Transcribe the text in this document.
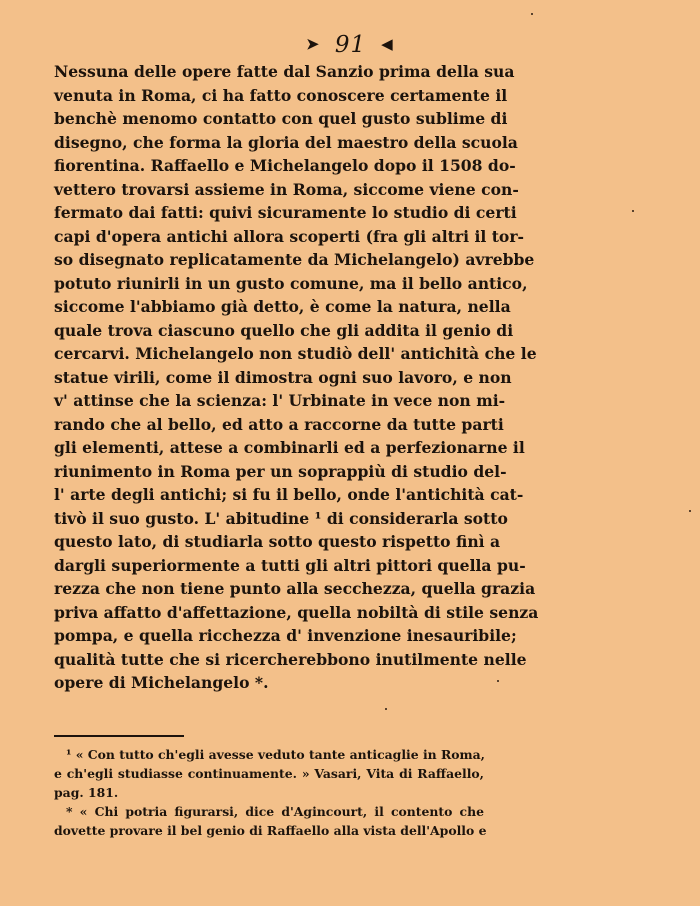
➤ 91 ◀
Nessuna delle opere fatte dal Sanzio prima della sua
venuta in Roma, ci ha fatto conoscere certamente il
benchè menomo contatto con quel gusto sublime di
disegno, che forma la gloria del maestro della scuola
fiorentina. Raffaello e Michelangelo dopo il 1508 do-
vettero trovarsi assieme in Roma, siccome viene con-
fermato dai fatti: quivi sicuramente lo studio di certi
capi d'opera antichi allora scoperti (fra gli altri il tor-
so disegnato replicatamente da Michelangelo) avrebbe
potuto riunirli in un gusto comune, ma il bello antico,
siccome l'abbiamo già detto, è come la natura, nella
quale trova ciascuno quello che gli addita il genio di
cercarvi. Michelangelo non studiò dell' antichità che le
statue virili, come il dimostra ogni suo lavoro, e non
v' attinse che la scienza: l' Urbinate in vece non mi-
rando che al bello, ed atto a raccorne da tutte parti
gli elementi, attese a combinarli ed a perfezionarne il
riunimento in Roma per un soprappiù di studio del-
l' arte degli antichi; si fu il bello, onde l'antichità cat-
tivò il suo gusto. L' abitudine ¹ di considerarla sotto
questo lato, di studiarla sotto questo rispetto finì a
dargli superiormente a tutti gli altri pittori quella pu-
rezza che non tiene punto alla secchezza, quella grazia
priva affatto d'affettazione, quella nobiltà di stile senza
pompa, e quella ricchezza d' invenzione inesauribile;
qualità tutte che si ricercherebbono inutilmente nelle
opere di Michelangelo *.
¹ « Con tutto ch'egli avesse veduto tante anticaglie in Roma,
e ch'egli studiasse continuamente. » Vasari, Vita di Raffaello,
pag. 181.
* « Chi potria figurarsi, dice d'Agincourt, il contento che
dovette provare il bel genio di Raffaello alla vista dell'Apollo e
